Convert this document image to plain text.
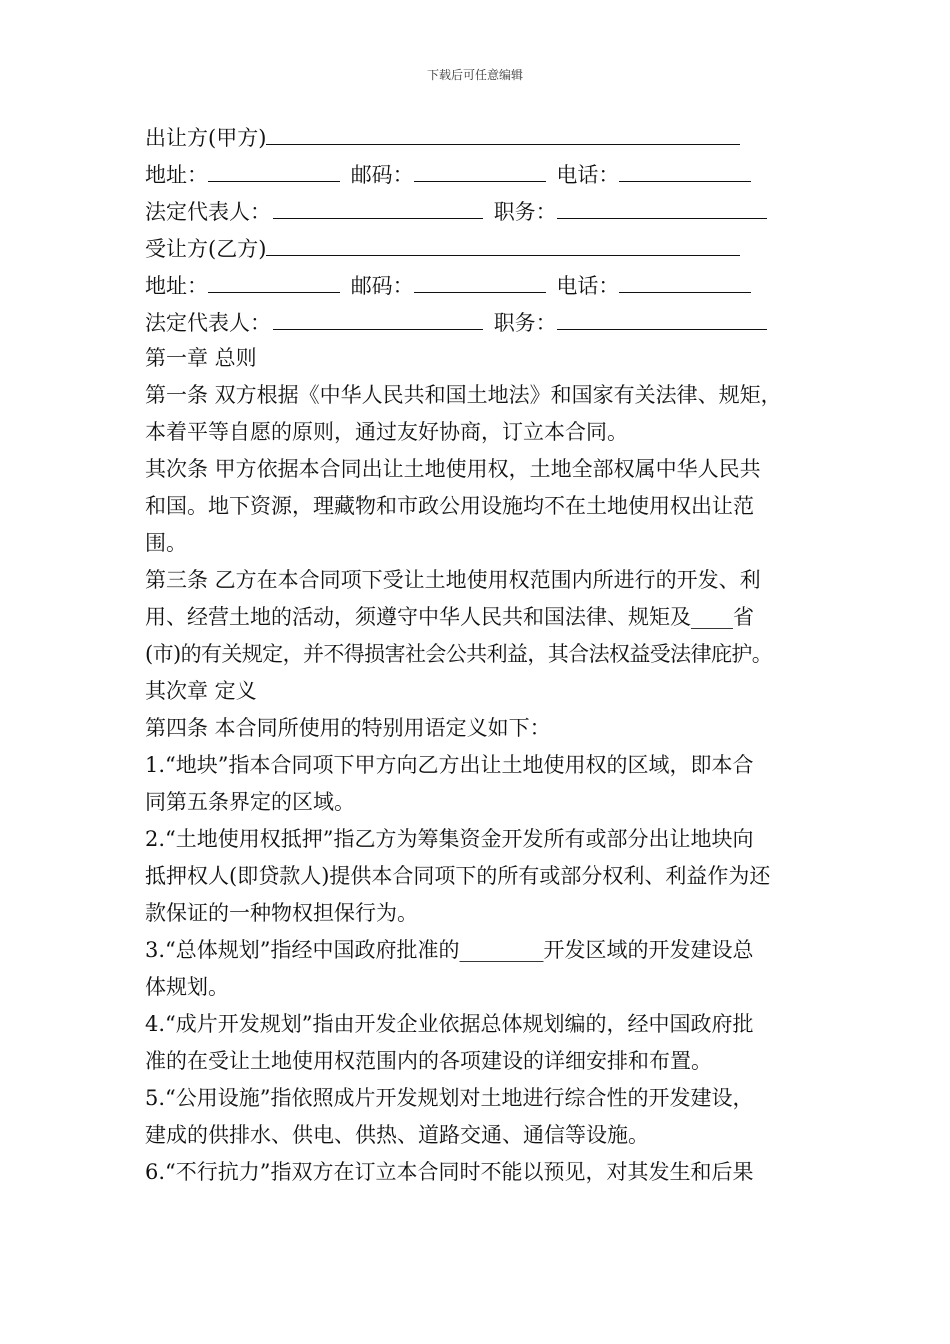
下载后可任意编辑
出让方(甲方)
地址：	邮码：	电话：
法定代表人：	职务：
受让方(乙方)
地址：	邮码：	电话：
法定代表人：	职务：
第一章 总则
第一条 双方根据《中华人民共和国土地法》和国家有关法律、规矩，
本着平等自愿的原则，通过友好协商，订立本合同。
其次条 甲方依据本合同出让土地使用权，土地全部权属中华人民共
和国。地下资源，理藏物和市政公用设施均不在土地使用权出让范
围。
第三条 乙方在本合同项下受让土地使用权范围内所进行的开发、利
用、经营土地的活动，须遵守中华人民共和国法律、规矩及____省
(市)的有关规定，并不得损害社会公共利益，其合法权益受法律庇护。
其次章 定义
第四条 本合同所使用的特别用语定义如下：
1.“地块”指本合同项下甲方向乙方出让土地使用权的区域，即本合
同第五条界定的区域。
2.“土地使用权抵押”指乙方为筹集资金开发所有或部分出让地块向
抵押权人(即贷款人)提供本合同项下的所有或部分权利、利益作为还
款保证的一种物权担保行为。
3.“总体规划”指经中国政府批准的________开发区域的开发建设总
体规划。
4.“成片开发规划”指由开发企业依据总体规划编的，经中国政府批
准的在受让土地使用权范围内的各项建设的详细安排和布置。
5.“公用设施”指依照成片开发规划对土地进行综合性的开发建设，
建成的供排水、供电、供热、道路交通、通信等设施。
6.“不行抗力”指双方在订立本合同时不能以预见，对其发生和后果
